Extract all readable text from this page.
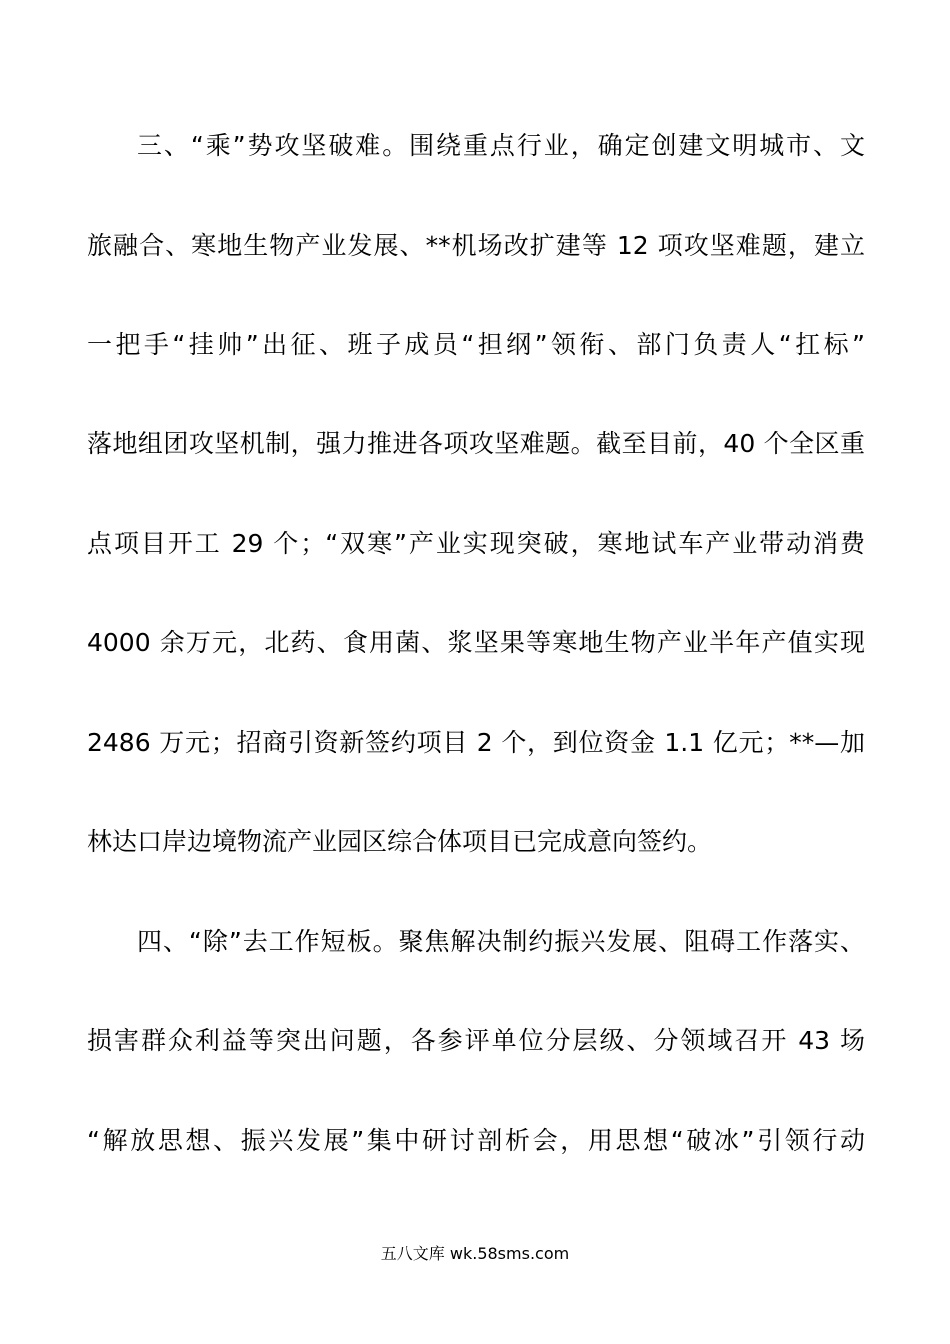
三、“乘”势攻坚破难。围绕重点行业，确定创建文明城市、文
旅融合、寒地生物产业发展、**机场改扩建等 12 项攻坚难题，建立
一把手“挂帅”出征、班子成员“担纲”领衔、部门负责人“扛标”
落地组团攻坚机制，强力推进各项攻坚难题。截至目前，40 个全区重
点项目开工 29 个；“双寒”产业实现突破，寒地试车产业带动消费
4000 余万元，北药、食用菌、浆坚果等寒地生物产业半年产值实现
2486 万元；招商引资新签约项目 2 个，到位资金 1.1 亿元；**—加
林达口岸边境物流产业园区综合体项目已完成意向签约。
四、“除”去工作短板。聚焦解决制约振兴发展、阻碍工作落实、
损害群众利益等突出问题，各参评单位分层级、分领域召开 43 场
“解放思想、振兴发展”集中研讨剖析会，用思想“破冰”引领行动
五八文库 wk.58sms.com
